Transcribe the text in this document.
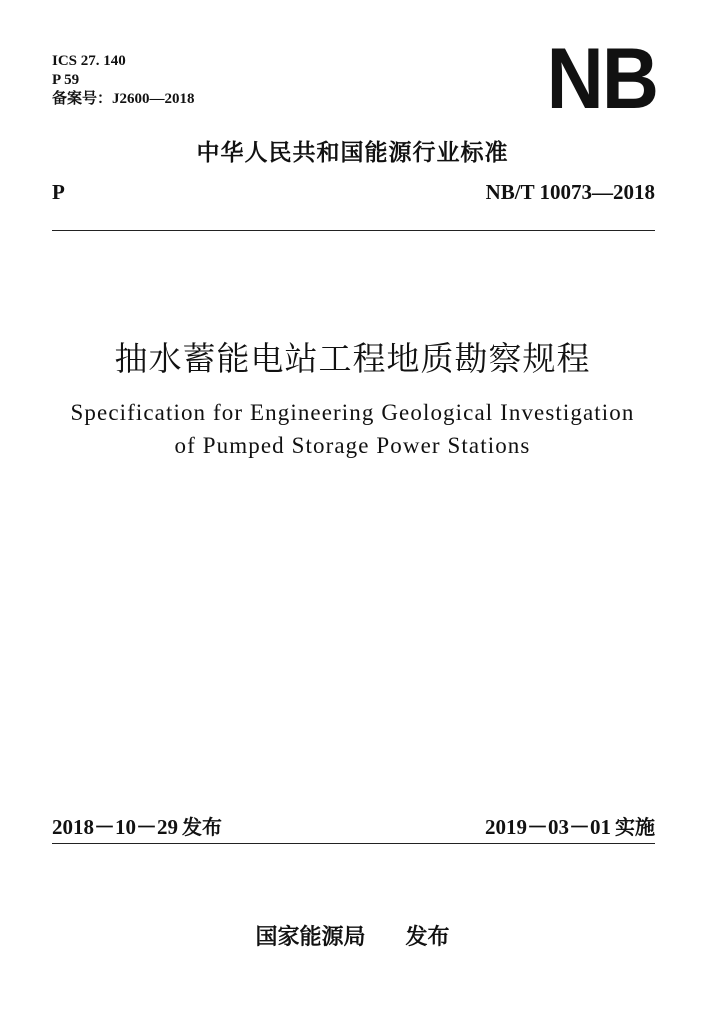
ICS 27. 140
P 59
备案号：J2600—2018	NB
中华人民共和国能源行业标准
P	NB/T 10073—2018
抽水蓄能电站工程地质勘察规程
Specification for Engineering Geological Investigation
of Pumped Storage Power Stations
2018－10－29 发布	2019－03－01 实施
国家能源局 发布
